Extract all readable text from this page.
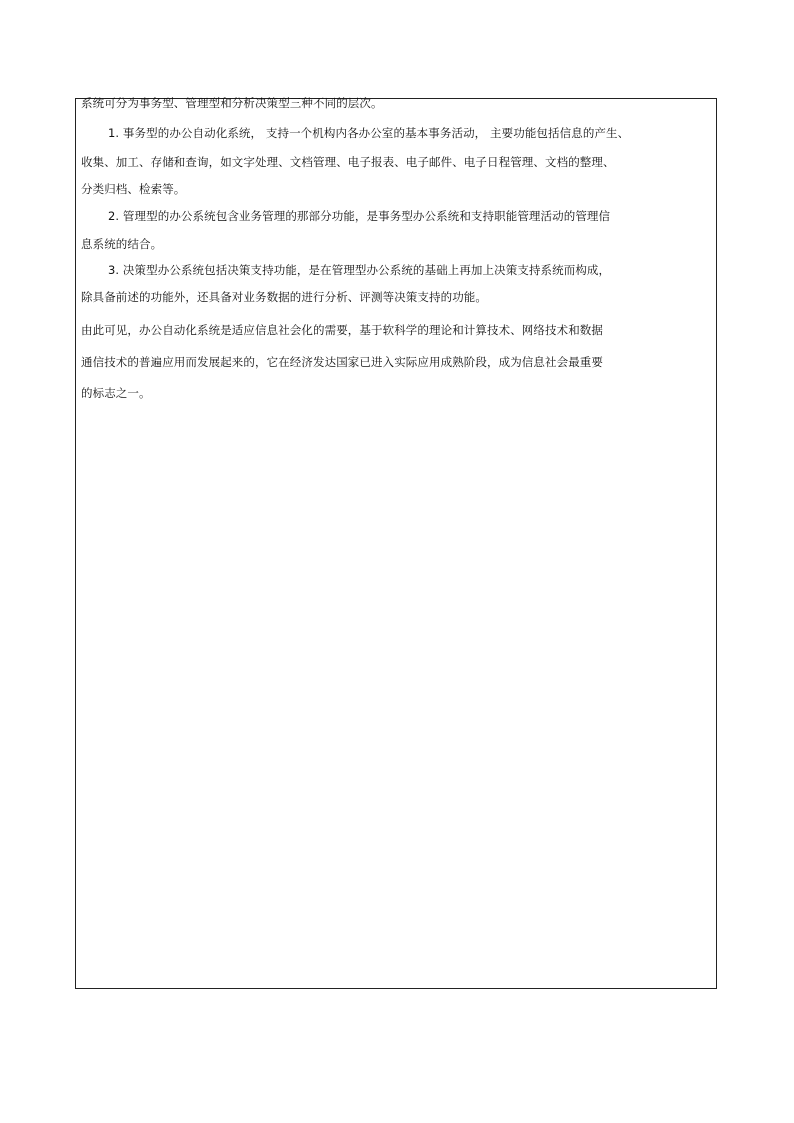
系统可分为事务型、管理型和分析决策型三种不同的层次。
1. 事务型的办公自动化系统， 支持一个机构内各办公室的基本事务活动， 主要功能包括信息的产生、
收集、加工、存储和查询，如文字处理、文档管理、电子报表、电子邮件、电子日程管理、文档的整理、
分类归档、检索等。
2. 管理型的办公系统包含业务管理的那部分功能，是事务型办公系统和支持职能管理活动的管理信
息系统的结合。
3. 决策型办公系统包括决策支持功能，是在管理型办公系统的基础上再加上决策支持系统而构成，
除具备前述的功能外，还具备对业务数据的进行分析、评测等决策支持的功能。
由此可见，办公自动化系统是适应信息社会化的需要，基于软科学的理论和计算技术、网络技术和数据
通信技术的普遍应用而发展起来的，它在经济发达国家已进入实际应用成熟阶段，成为信息社会最重要
的标志之一。
